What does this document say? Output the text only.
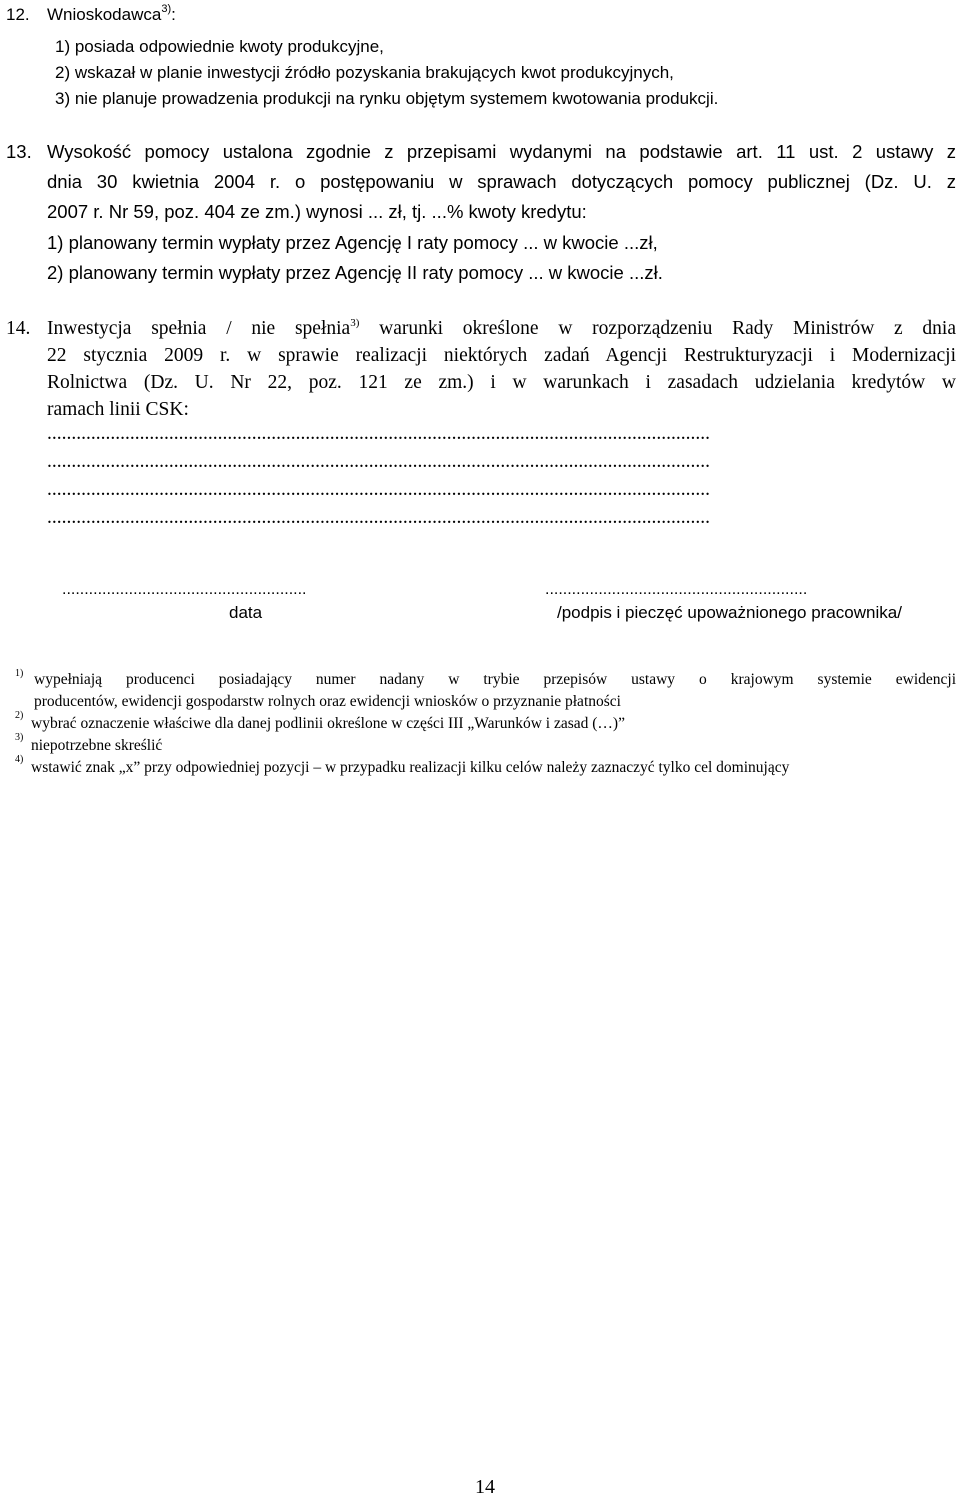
12. Wnioskodawca$^{3)}$:
1) posiada odpowiednie kwoty produkcyjne,
2) wskazał w planie inwestycji źródło pozyskania brakujących kwot produkcyjnych,
3) nie planuje prowadzenia produkcji na rynku objętym systemem kwotowania produkcji.
13. Wysokość pomocy ustalona zgodnie z przepisami wydanymi na podstawie art. 11 ust. 2 ustawy z
dnia 30 kwietnia 2004 r. o postępowaniu w sprawach dotyczących pomocy publicznej (Dz. U. z
2007 r. Nr 59, poz. 404 ze zm.) wynosi ... zł, tj. ...% kwoty kredytu:
1) planowany termin wypłaty przez Agencję I raty pomocy ... w kwocie ...zł,
2) planowany termin wypłaty przez Agencję II raty pomocy ... w kwocie ...zł.
14. Inwestycja spełnia / nie spełnia$^{3)}$ warunki określone w rozporządzeniu Rady Ministrów z dnia
22 stycznia 2009 r. w sprawie realizacji niektórych zadań Agencji Restrukturyzacji i Modernizacji
Rolnictwa (Dz. U. Nr 22, poz. 121 ze zm.) i w warunkach i zasadach udzielania kredytów w
ramach linii CSK:
........................................................................................................................................
........................................................................................................................................
........................................................................................................................................
........................................................................................................................................
.......................................................
data
...........................................................
/podpis i pieczęć upoważnionego pracownika/
1) wypełniają producenci posiadający numer nadany w trybie przepisów ustawy o krajowym systemie ewidencji
producentów, ewidencji gospodarstw rolnych oraz ewidencji wniosków o przyznanie płatności
2) wybrać oznaczenie właściwe dla danej podlinii określone w części III „Warunków i zasad (…)”
3) niepotrzebne skreślić
4) wstawić znak „x” przy odpowiedniej pozycji – w przypadku realizacji kilku celów należy zaznaczyć tylko cel dominujący
14
